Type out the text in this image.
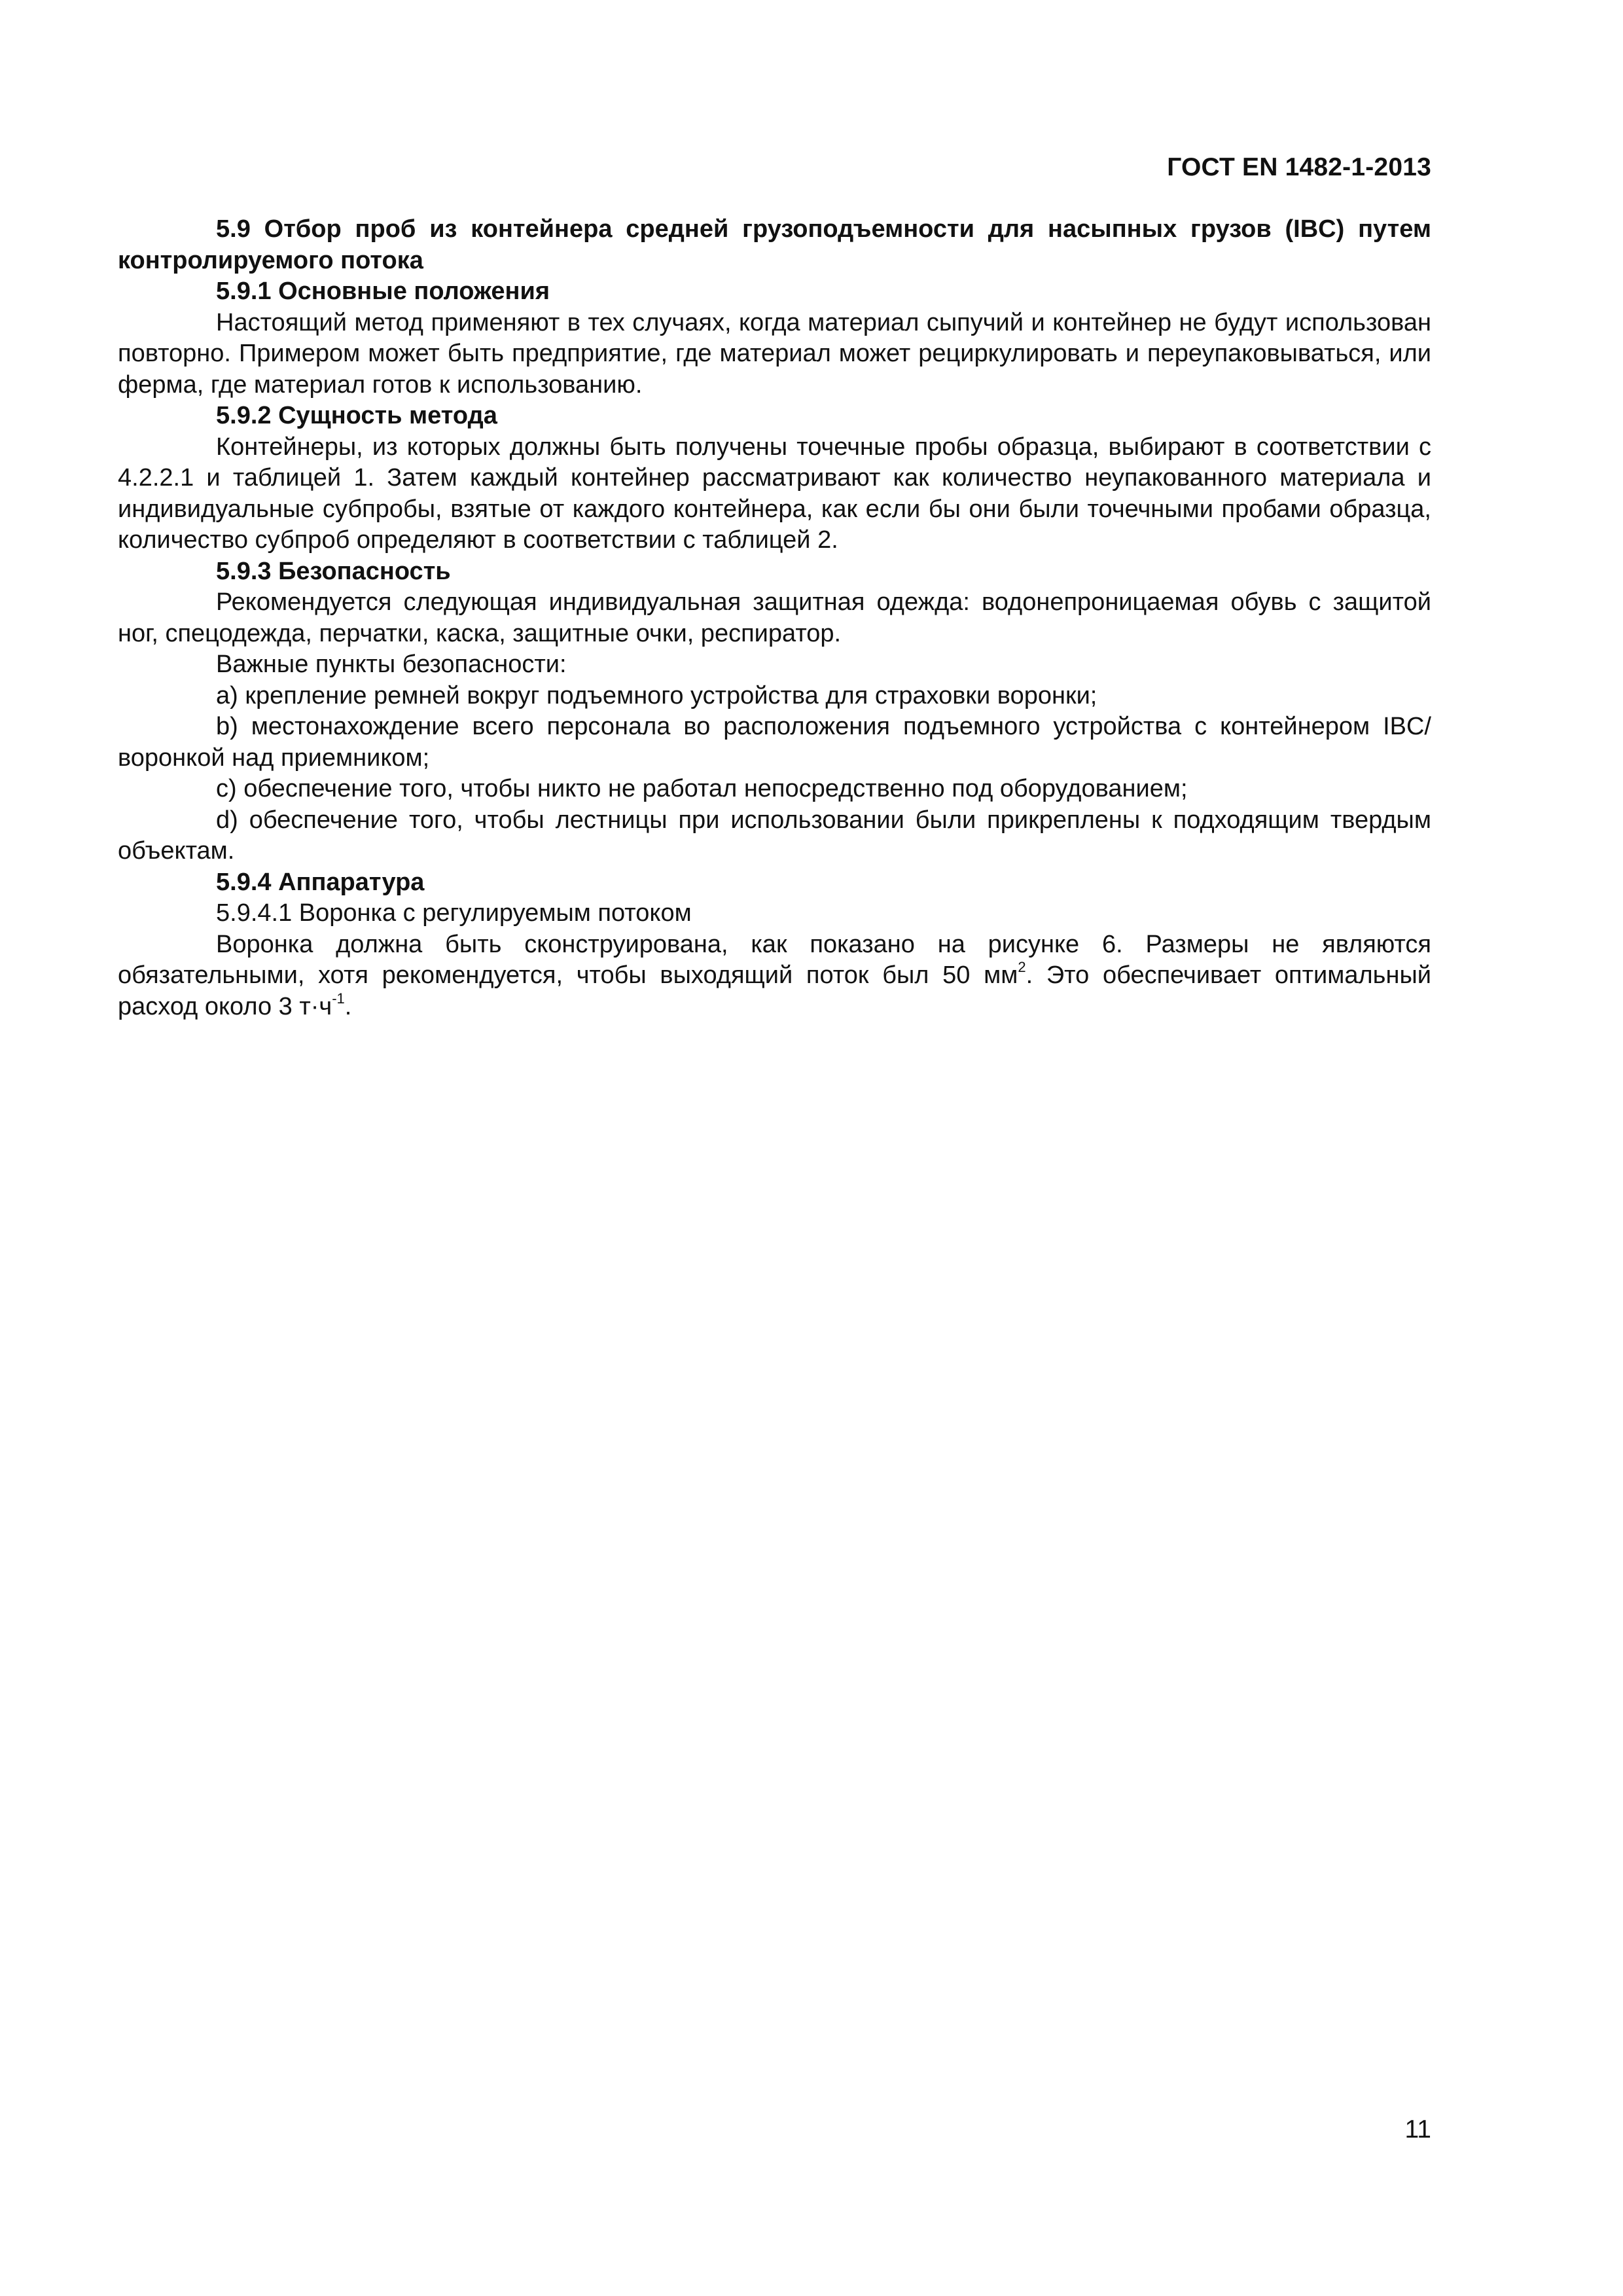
ГОСТ EN 1482-1-2013

5.9 Отбор проб из контейнера средней грузоподъемности для насыпных грузов (IBC) путем контролируемого потока

5.9.1 Основные положения

Настоящий метод применяют в тех случаях, когда материал сыпучий и контейнер не будут использован повторно. Примером может быть предприятие, где материал может рециркулировать и переупаковываться, или ферма, где материал готов к использованию.

5.9.2 Сущность метода

Контейнеры, из которых должны быть получены точечные пробы образца, выбирают в соответствии с 4.2.2.1 и таблицей 1. Затем каждый контейнер рассматривают как количество неупакованного материала и индивидуальные субпробы, взятые от каждого контейнера, как если бы они были точечными пробами образца, количество субпроб определяют в соответствии с таблицей 2.

5.9.3 Безопасность

Рекомендуется следующая индивидуальная защитная одежда: водонепроницаемая обувь с защитой ног, спецодежда, перчатки, каска, защитные очки, респиратор.

Важные пункты безопасности:

а) крепление ремней вокруг подъемного устройства для страховки воронки;

b) местонахождение всего персонала во расположения подъемного устройства с контейнером IBC/воронкой над приемником;

c) обеспечение того, чтобы никто не работал непосредственно под оборудованием;

d) обеспечение того, чтобы лестницы при использовании были прикреплены к подходящим твердым объектам.

5.9.4 Аппаратура

5.9.4.1 Воронка с регулируемым потоком

Воронка должна быть сконструирована, как показано на рисунке 6. Размеры не являются обязательными, хотя рекомендуется, чтобы выходящий поток был 50 $мм^2$. Это обеспечивает оптимальный расход около 3 $т\cdot ч^{-1}$.

11
